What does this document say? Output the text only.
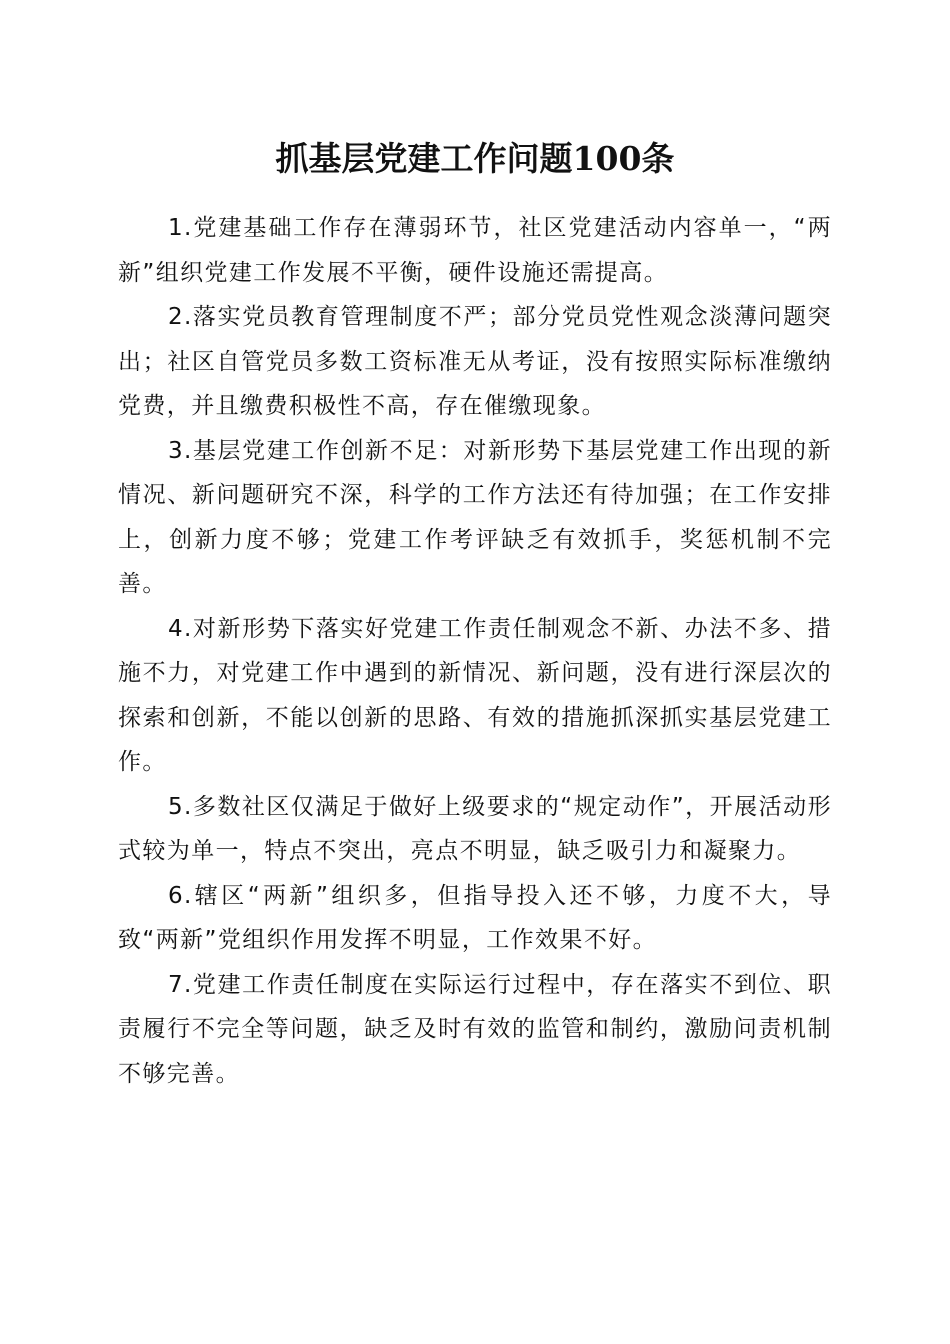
抓基层党建工作问题100条

1.党建基础工作存在薄弱环节，社区党建活动内容单一，“两新”组织党建工作发展不平衡，硬件设施还需提高。

2.落实党员教育管理制度不严；部分党员党性观念淡薄问题突出；社区自管党员多数工资标准无从考证，没有按照实际标准缴纳党费，并且缴费积极性不高，存在催缴现象。

3.基层党建工作创新不足：对新形势下基层党建工作出现的新情况、新问题研究不深，科学的工作方法还有待加强；在工作安排上，创新力度不够；党建工作考评缺乏有效抓手，奖惩机制不完善。

4.对新形势下落实好党建工作责任制观念不新、办法不多、措施不力，对党建工作中遇到的新情况、新问题，没有进行深层次的探索和创新，不能以创新的思路、有效的措施抓深抓实基层党建工作。

5.多数社区仅满足于做好上级要求的“规定动作”，开展活动形式较为单一，特点不突出，亮点不明显，缺乏吸引力和凝聚力。

6.辖区“两新”组织多，但指导投入还不够，力度不大，导致“两新”党组织作用发挥不明显，工作效果不好。

7.党建工作责任制度在实际运行过程中，存在落实不到位、职责履行不完全等问题，缺乏及时有效的监管和制约，激励问责机制不够完善。
